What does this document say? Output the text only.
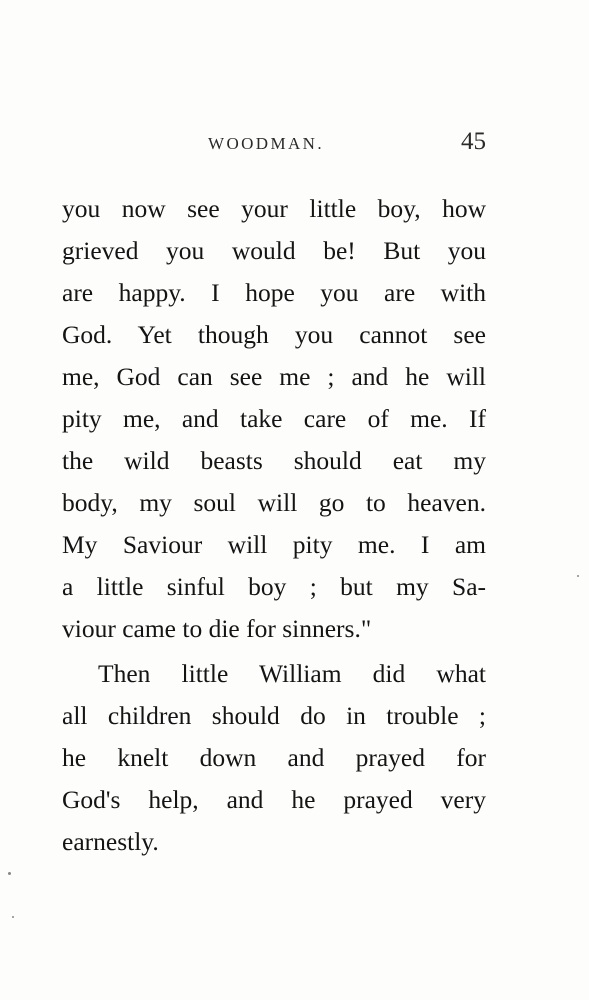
WOODMAN.	45

you now see your little boy, how
grieved you would be! But you
are happy. I hope you are with
God. Yet though you cannot see
me, God can see me ; and he will
pity me, and take care of me. If
the wild beasts should eat my
body, my soul will go to heaven.
My Saviour will pity me. I am
a little sinful boy ; but my Sa-
viour came to die for sinners."

Then little William did what
all children should do in trouble ;
he knelt down and prayed for
God's help, and he prayed very
earnestly.
